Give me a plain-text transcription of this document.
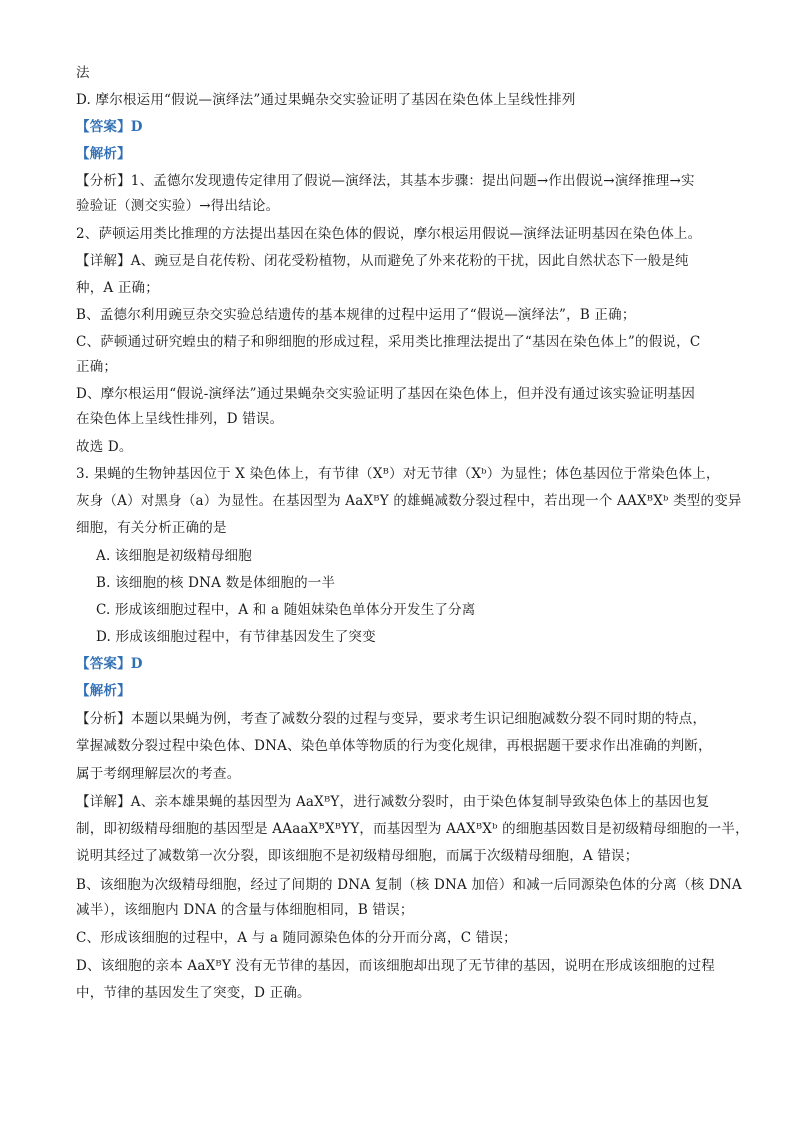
法
D. 摩尔根运用“假说—演绎法”通过果蝇杂交实验证明了基因在染色体上呈线性排列
【答案】D
【解析】
【分析】1、孟德尔发现遗传定律用了假说—演绎法，其基本步骤：提出问题→作出假说→演绎推理→实
验验证（测交实验）→得出结论。
2、萨顿运用类比推理的方法提出基因在染色体的假说，摩尔根运用假说—演绎法证明基因在染色体上。
【详解】A、豌豆是自花传粉、闭花受粉植物，从而避免了外来花粉的干扰，因此自然状态下一般是纯
种，A 正确；
B、孟德尔利用豌豆杂交实验总结遗传的基本规律的过程中运用了“假说—演绎法”，B 正确；
C、萨顿通过研究蝗虫的精子和卵细胞的形成过程，采用类比推理法提出了“基因在染色体上”的假说，C
正确；
D、摩尔根运用“假说-演绎法”通过果蝇杂交实验证明了基因在染色体上，但并没有通过该实验证明基因
在染色体上呈线性排列，D 错误。
故选 D。
3. 果蝇的生物钟基因位于 X 染色体上，有节律（Xᴮ）对无节律（Xᵇ）为显性；体色基因位于常染色体上，
灰身（A）对黑身（a）为显性。在基因型为 AaXᴮY 的雄蝇减数分裂过程中，若出现一个 AAXᴮXᵇ 类型的变异
细胞，有关分析正确的是
A. 该细胞是初级精母细胞
B. 该细胞的核 DNA 数是体细胞的一半
C. 形成该细胞过程中，A 和 a 随姐妹染色单体分开发生了分离
D. 形成该细胞过程中，有节律基因发生了突变
【答案】D
【解析】
【分析】本题以果蝇为例，考查了减数分裂的过程与变异，要求考生识记细胞减数分裂不同时期的特点，
掌握减数分裂过程中染色体、DNA、染色单体等物质的行为变化规律，再根据题干要求作出准确的判断，
属于考纲理解层次的考查。
【详解】A、亲本雄果蝇的基因型为 AaXᴮY，进行减数分裂时，由于染色体复制导致染色体上的基因也复
制，即初级精母细胞的基因型是 AAaaXᴮXᴮYY，而基因型为 AAXᴮXᵇ 的细胞基因数目是初级精母细胞的一半，
说明其经过了减数第一次分裂，即该细胞不是初级精母细胞，而属于次级精母细胞，A 错误；
B、该细胞为次级精母细胞，经过了间期的 DNA 复制（核 DNA 加倍）和减一后同源染色体的分离（核 DNA
减半），该细胞内 DNA 的含量与体细胞相同，B 错误；
C、形成该细胞的过程中，A 与 a 随同源染色体的分开而分离，C 错误；
D、该细胞的亲本 AaXᴮY 没有无节律的基因，而该细胞却出现了无节律的基因，说明在形成该细胞的过程
中，节律的基因发生了突变，D 正确。
